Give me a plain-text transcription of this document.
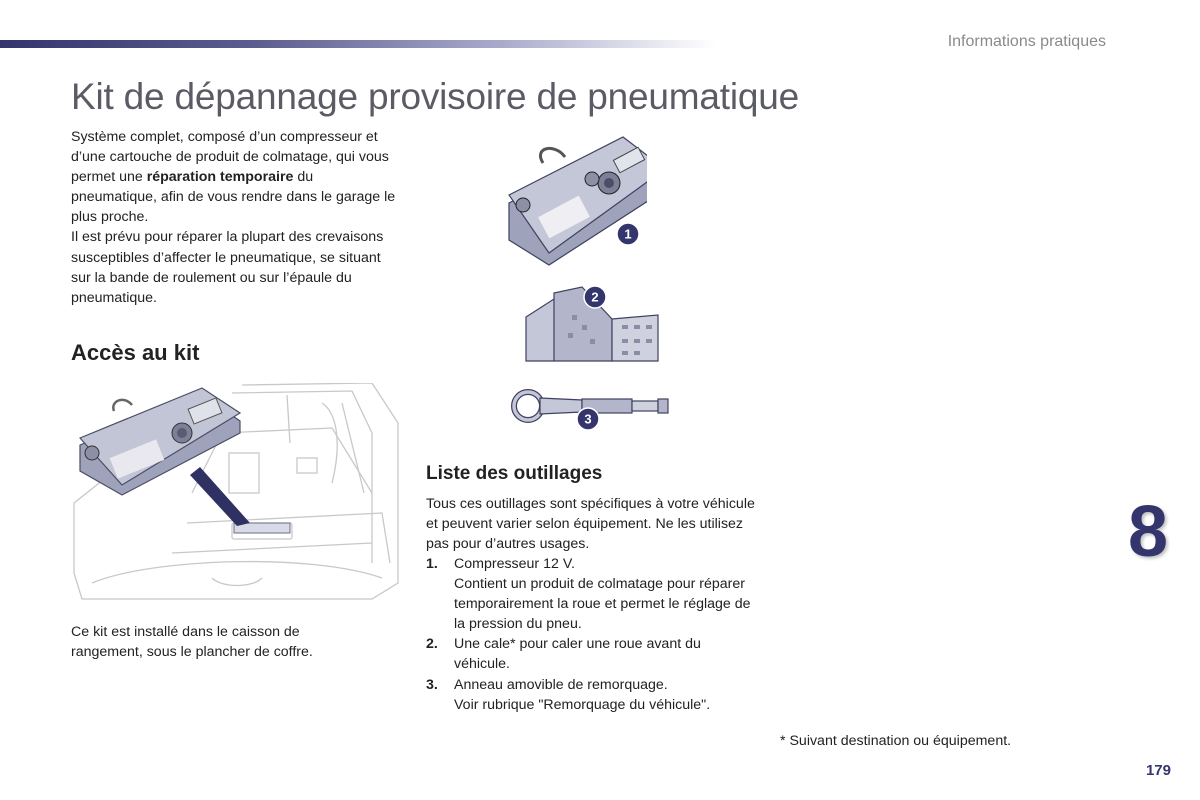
Informations pratiques
Kit de dépannage provisoire de pneumatique

Système complet, composé d’un compresseur et d’une cartouche de produit de colmatage, qui vous permet une réparation temporaire du pneumatique, afin de vous rendre dans le garage le plus proche.

Il est prévu pour réparer la plupart des crevaisons susceptibles d’affecter le pneumatique, se situant sur la bande de roulement ou sur l’épaule du pneumatique.

Accès au kit

Ce kit est installé dans le caisson de rangement, sous le plancher de coffre.

1
2
3
Liste des outillages

Tous ces outillages sont spécifiques à votre véhicule et peuvent varier selon équipement. Ne les utilisez pas pour d’autres usages.

1.	Compresseur 12 V.
Contient un produit de colmatage pour réparer temporairement la roue et permet le réglage de la pression du pneu.
2.	Une cale* pour caler une roue avant du véhicule.
3.	Anneau amovible de remorquage.
Voir rubrique "Remorquage du véhicule".
* Suivant destination ou équipement.
8
179
